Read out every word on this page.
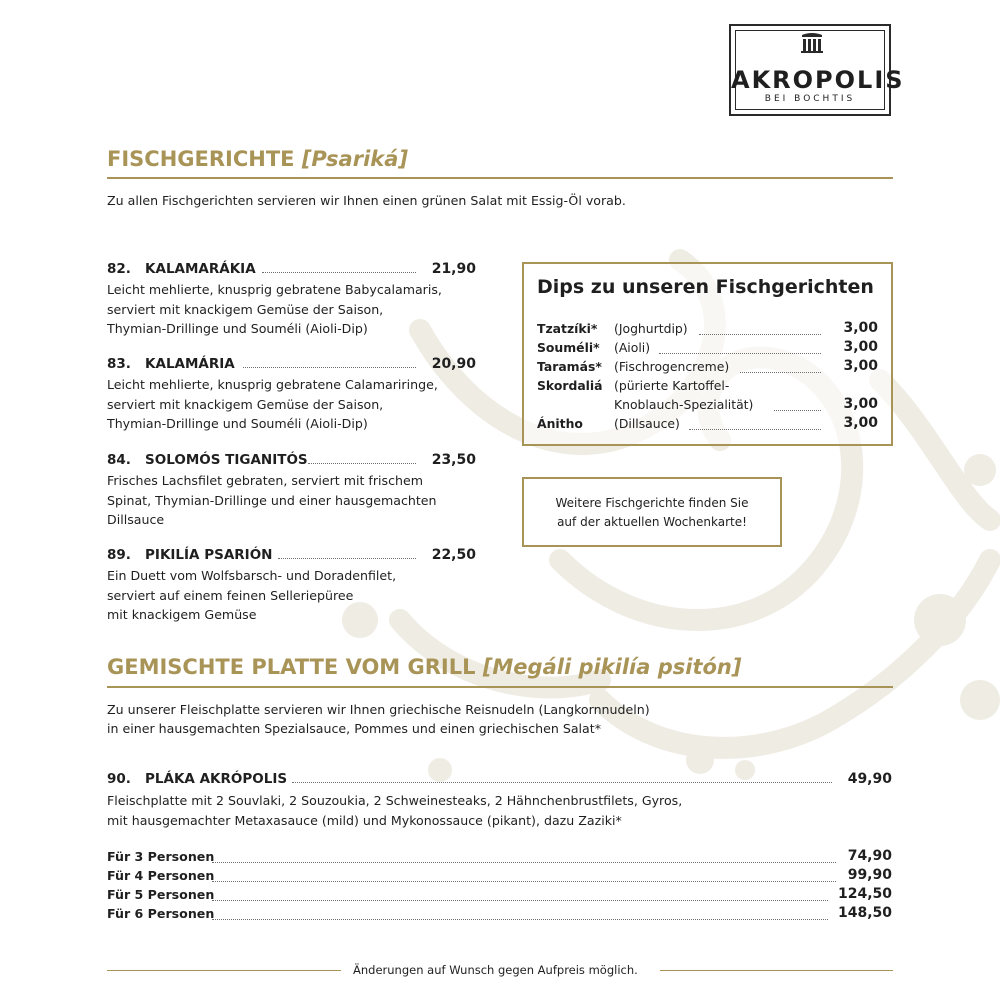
AKROPOLIS
BEI BOCHTIS
FISCHGERICHTE [Psariká]
Zu allen Fischgerichten servieren wir Ihnen einen grünen Salat mit Essig-Öl vorab.
82. KALAMARÁKIA	21,90
Leicht mehlierte, knusprig gebratene Babycalamaris,
serviert mit knackigem Gemüse der Saison,
Thymian-Drillinge und Souméli (Aioli-Dip)
83. KALAMÁRIA	20,90
Leicht mehlierte, knusprig gebratene Calamariringe,
serviert mit knackigem Gemüse der Saison,
Thymian-Drillinge und Souméli (Aioli-Dip)
84. SOLOMÓS TIGANITÓS	23,50
Frisches Lachsfilet gebraten, serviert mit frischem
Spinat, Thymian-Drillinge und einer hausgemachten
Dillsauce
89. PIKILÍA PSARIÓN	22,50
Ein Duett vom Wolfsbarsch- und Doradenfilet,
serviert auf einem feinen Selleriepüree
mit knackigem Gemüse
Dips zu unseren Fischgerichten
Tzatzíki* (Joghurtdip)	3,00
Souméli* (Aioli)	3,00
Taramás* (Fischrogencreme)	3,00
Skordaliá (pürierte Kartoffel-
Knoblauch-Spezialität)	3,00
Ánitho	(Dillsauce)	3,00
Weitere Fischgerichte finden Sie
auf der aktuellen Wochenkarte!
GEMISCHTE PLATTE VOM GRILL [Megáli pikilía psitón]
Zu unserer Fleischplatte servieren wir Ihnen griechische Reisnudeln (Langkornnudeln)
in einer hausgemachten Spezialsauce, Pommes und einen griechischen Salat*
90. PLÁKA AKRÓPOLIS	49,90
Fleischplatte mit 2 Souvlaki, 2 Souzoukia, 2 Schweinesteaks, 2 Hähnchenbrustfilets, Gyros,
mit hausgemachter Metaxasauce (mild) und Mykonossauce (pikant), dazu Zaziki*
Für 3 Personen	74,90
Für 4 Personen	99,90
Für 5 Personen	124,50
Für 6 Personen	148,50
Änderungen auf Wunsch gegen Aufpreis möglich.
